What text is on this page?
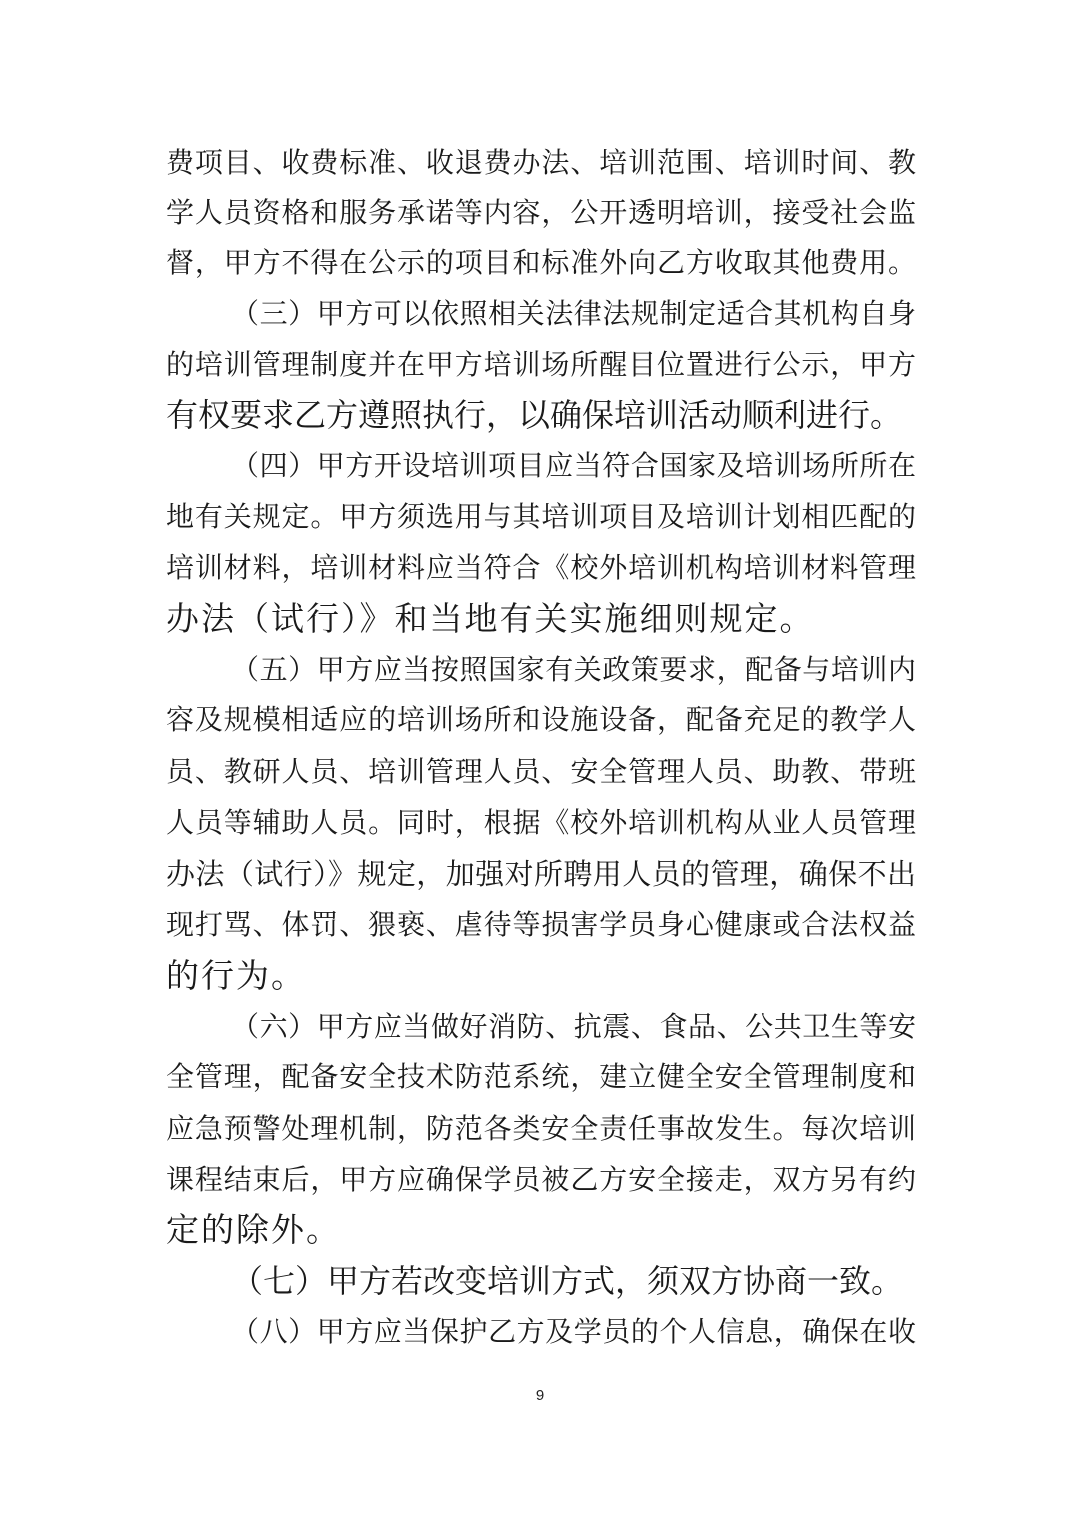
费项目、收费标准、收退费办法、培训范围、培训时间、教
学人员资格和服务承诺等内容，公开透明培训，接受社会监
督，甲方不得在公示的项目和标准外向乙方收取其他费用。
（三）甲方可以依照相关法律法规制定适合其机构自身
的培训管理制度并在甲方培训场所醒目位置进行公示，甲方
有权要求乙方遵照执行，以确保培训活动顺利进行。
（四）甲方开设培训项目应当符合国家及培训场所所在
地有关规定。甲方须选用与其培训项目及培训计划相匹配的
培训材料，培训材料应当符合《校外培训机构培训材料管理
办法（试行）》和当地有关实施细则规定。
（五）甲方应当按照国家有关政策要求，配备与培训内
容及规模相适应的培训场所和设施设备，配备充足的教学人
员、教研人员、培训管理人员、安全管理人员、助教、带班
人员等辅助人员。同时，根据《校外培训机构从业人员管理
办法（试行）》规定，加强对所聘用人员的管理，确保不出
现打骂、体罚、猥亵、虐待等损害学员身心健康或合法权益
的行为。
（六）甲方应当做好消防、抗震、食品、公共卫生等安
全管理，配备安全技术防范系统，建立健全安全管理制度和
应急预警处理机制，防范各类安全责任事故发生。每次培训
课程结束后，甲方应确保学员被乙方安全接走，双方另有约
定的除外。
（七）甲方若改变培训方式，须双方协商一致。
（八）甲方应当保护乙方及学员的个人信息，确保在收
9
